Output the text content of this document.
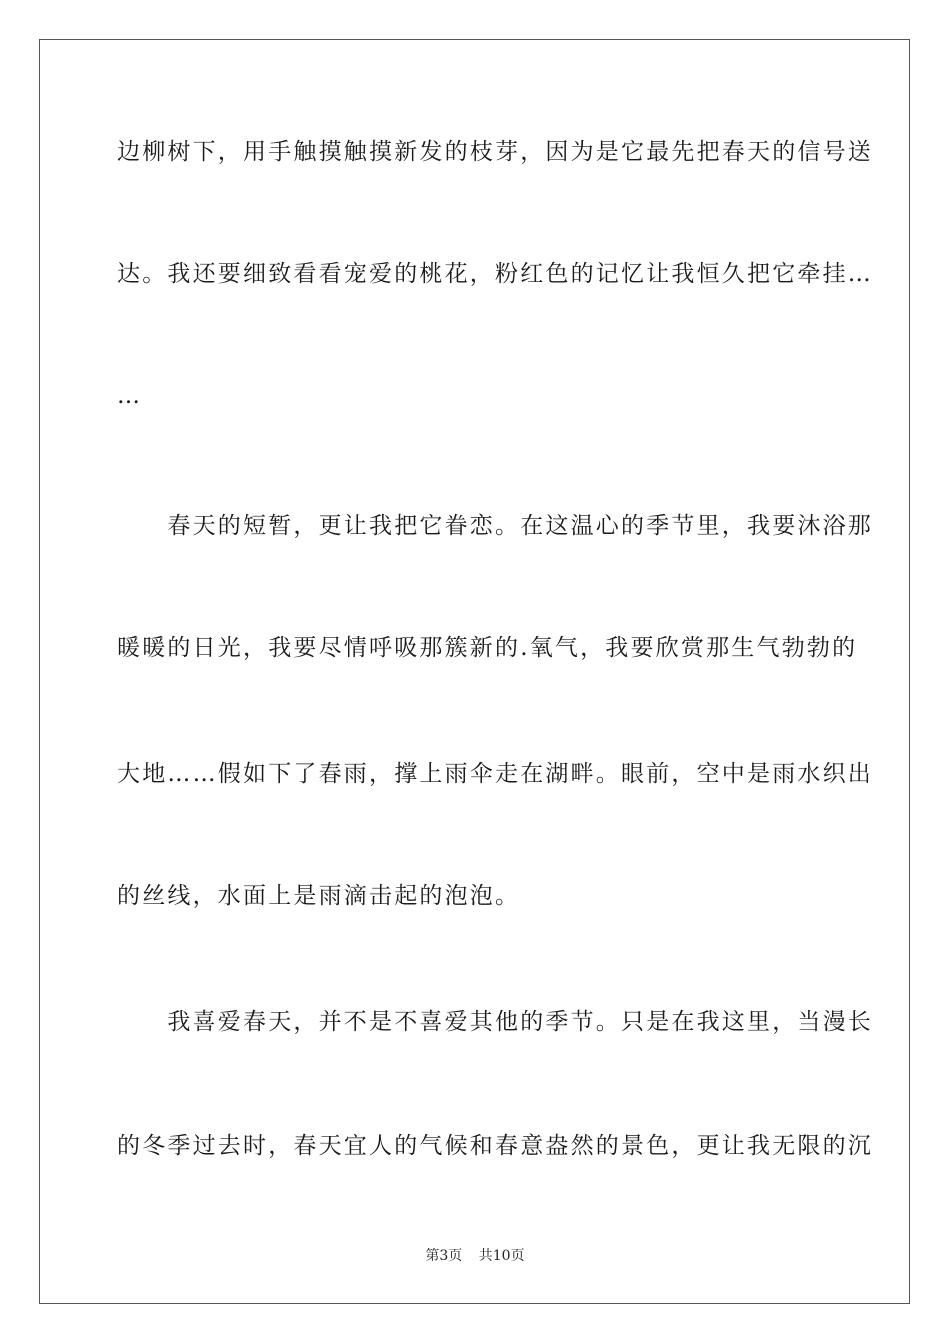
边柳树下，用手触摸触摸新发的枝芽，因为是它最先把春天的信号送
达。我还要细致看看宠爱的桃花，粉红色的记忆让我恒久把它牵挂…
…
　　春天的短暂，更让我把它眷恋。在这温心的季节里，我要沐浴那
暖暖的日光，我要尽情呼吸那簇新的.氧气，我要欣赏那生气勃勃的
大地……假如下了春雨，撑上雨伞走在湖畔。眼前，空中是雨水织出
的丝线，水面上是雨滴击起的泡泡。
　　我喜爱春天，并不是不喜爱其他的季节。只是在我这里，当漫长
的冬季过去时，春天宜人的气候和春意盎然的景色，更让我无限的沉
第3页 共10页
